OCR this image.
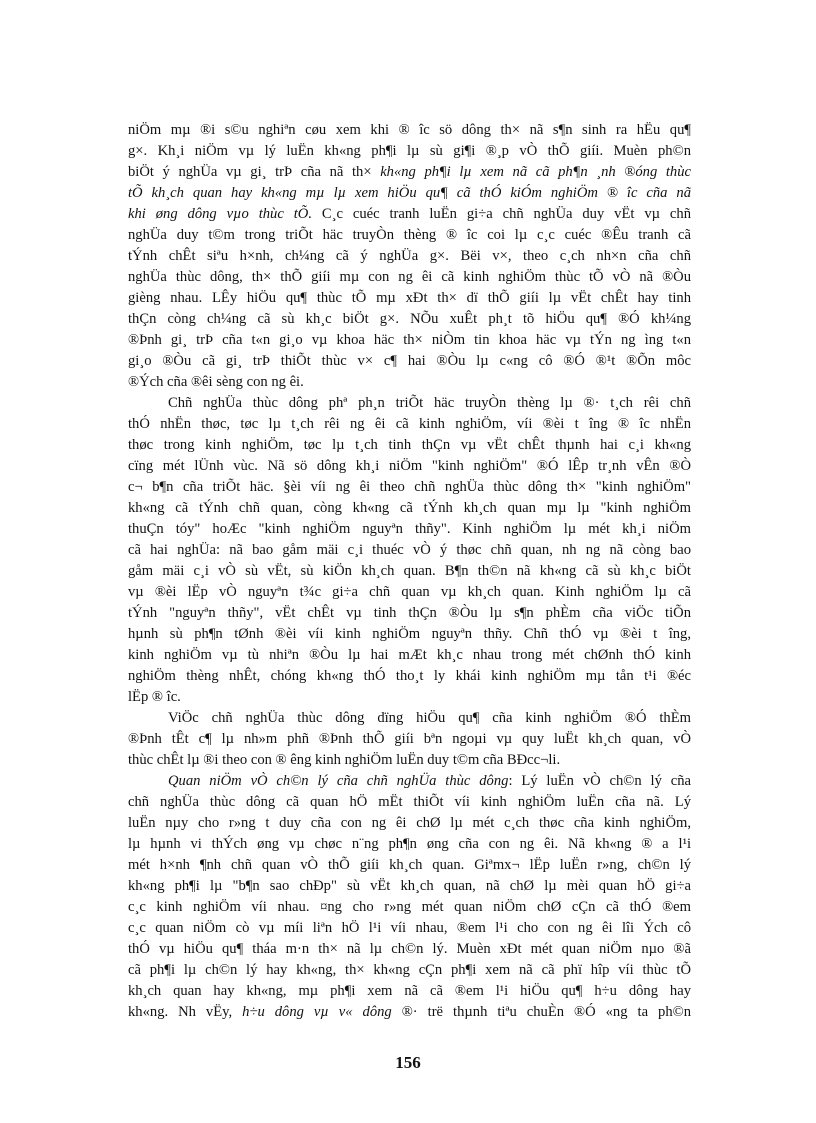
niÖm mµ ®i s©u nghiªn cøu xem khi ® îc sö dông th× nã s¶n sinh ra hËu qu¶
g×. Kh¸i niÖm vµ lý luËn kh«ng ph¶i lµ sù gi¶i ®¸p vÒ thÕ giíi. Muèn ph©n
biÖt ý nghÜa vµ gi¸ trÞ cña nã th× kh«ng ph¶i lµ xem nã cã ph¶n ¸nh ®óng thùc
tÕ kh¸ch quan hay kh«ng mµ lµ xem hiÖu qu¶ cã thÓ kiÓm nghiÖm ® îc cña nã
khi øng dông vµo thùc tÕ. C¸c cuéc tranh luËn gi÷a chñ nghÜa duy vËt vµ chñ
nghÜa duy t©m trong triÕt häc truyÒn thèng ® îc coi lµ c¸c cuéc ®Êu tranh cã
tÝnh chÊt siªu h×nh, ch¼ng cã ý nghÜa g×. Bëi v×, theo c¸ch nh×n cña chñ
nghÜa thùc dông, th× thÕ giíi mµ con ng êi cã kinh nghiÖm thùc tÕ vÒ nã ®Òu
gièng nhau. LÊy hiÖu qu¶ thùc tÕ mµ xÐt th× dï thÕ giíi lµ vËt chÊt hay tinh
thÇn còng ch¼ng cã sù kh¸c biÖt g×. NÕu xuÊt ph¸t tõ hiÖu qu¶ ®Ó kh¼ng
®Þnh gi¸ trÞ cña t«n gi¸o vµ khoa häc th× niÒm tin khoa häc vµ tÝn ng ìng t«n
gi¸o ®Òu cã gi¸ trÞ thiÕt thùc v× c¶ hai ®Òu lµ c«ng cô ®Ó ®¹t ®Õn môc
®Ých cña ®êi sèng con ng êi.
Chñ nghÜa thùc dông phª ph¸n triÕt häc truyÒn thèng lµ ®· t¸ch rêi chñ
thÓ nhËn thøc, tøc lµ t¸ch rêi ng êi cã kinh nghiÖm, víi ®èi t îng ® îc nhËn
thøc trong kinh nghiÖm, tøc lµ t¸ch tinh thÇn vµ vËt chÊt thµnh hai c¸i kh«ng
cïng mét lÜnh vùc. Nã sö dông kh¸i niÖm "kinh nghiÖm" ®Ó lÊp tr¸nh vÊn ®Ò
c¬ b¶n cña triÕt häc. §èi víi ng êi theo chñ nghÜa thùc dông th× "kinh nghiÖm"
kh«ng cã tÝnh chñ quan, còng kh«ng cã tÝnh kh¸ch quan mµ lµ "kinh nghiÖm
thuÇn tóy" hoÆc "kinh nghiÖm nguyªn thñy". Kinh nghiÖm lµ mét kh¸i niÖm
cã hai nghÜa: nã bao gåm mäi c¸i thuéc vÒ ý thøc chñ quan, nh ng nã còng bao
gåm mäi c¸i vÒ sù vËt, sù kiÖn kh¸ch quan. B¶n th©n nã kh«ng cã sù kh¸c biÖt
vµ ®èi lËp vÒ nguyªn t¾c gi÷a chñ quan vµ kh¸ch quan. Kinh nghiÖm lµ cã
tÝnh "nguyªn thñy", vËt chÊt vµ tinh thÇn ®Òu lµ s¶n phÈm cña viÖc tiÕn
hµnh sù ph¶n tØnh ®èi víi kinh nghiÖm nguyªn thñy. Chñ thÓ vµ ®èi t îng,
kinh nghiÖm vµ tù nhiªn ®Òu lµ hai mÆt kh¸c nhau trong mét chØnh thÓ kinh
nghiÖm thèng nhÊt, chóng kh«ng thÓ tho¸t ly khái kinh nghiÖm mµ tån t¹i ®éc
lËp ® îc.
ViÖc chñ nghÜa thùc dông dïng hiÖu qu¶ cña kinh nghiÖm ®Ó thÈm
®Þnh tÊt c¶ lµ nh»m phñ ®Þnh thÕ giíi bªn ngoµi vµ quy luËt kh¸ch quan, vÒ
thùc chÊt lµ ®i theo con ® êng kinh nghiÖm luËn duy t©m cña BÐcc¬li.
Quan niÖm vÒ ch©n lý cña chñ nghÜa thùc dông: Lý luËn vÒ ch©n lý cña
chñ nghÜa thùc dông cã quan hÖ mËt thiÕt víi kinh nghiÖm luËn cña nã. Lý
luËn nµy cho r»ng t duy cña con ng êi chØ lµ mét c¸ch thøc cña kinh nghiÖm,
lµ hµnh vi thÝch øng vµ chøc n¨ng ph¶n øng cña con ng êi. Nã kh«ng ® a l¹i
mét h×nh ¶nh chñ quan vÒ thÕ giíi kh¸ch quan. Giªmx¬ lËp luËn r»ng, ch©n lý
kh«ng ph¶i lµ "b¶n sao chÐp" sù vËt kh¸ch quan, nã chØ lµ mèi quan hÖ gi÷a
c¸c kinh nghiÖm víi nhau. ¤ng cho r»ng mét quan niÖm chØ cÇn cã thÓ ®em
c¸c quan niÖm cò vµ míi liªn hÖ l¹i víi nhau, ®em l¹i cho con ng êi lîi Ých cô
thÓ vµ hiÖu qu¶ tháa m·n th× nã lµ ch©n lý. Muèn xÐt mét quan niÖm nµo ®ã
cã ph¶i lµ ch©n lý hay kh«ng, th× kh«ng cÇn ph¶i xem nã cã phï hîp víi thùc tÕ
kh¸ch quan hay kh«ng, mµ ph¶i xem nã cã ®em l¹i hiÖu qu¶ h÷u dông hay
kh«ng. Nh vËy, h÷u dông vµ v« dông ®· trë thµnh tiªu chuÈn ®Ó «ng ta ph©n
156
